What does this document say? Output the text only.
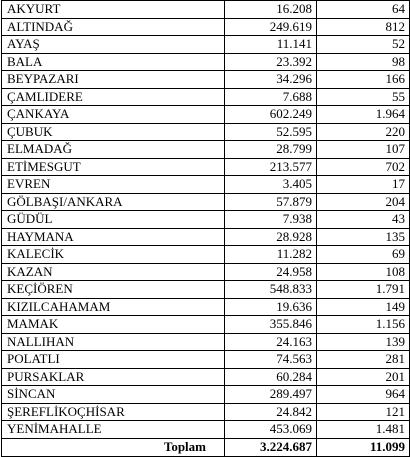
AKYURT	16.208	64
ALTINDAĞ	249.619	812
AYAŞ	11.141	52
BALA	23.392	98
BEYPAZARI	34.296	166
ÇAMLIDERE	7.688	55
ÇANKAYA	602.249	1.964
ÇUBUK	52.595	220
ELMADAĞ	28.799	107
ETİMESGUT	213.577	702
EVREN	3.405	17
GÖLBAŞI/ANKARA	57.879	204
GÜDÜL	7.938	43
HAYMANA	28.928	135
KALECİK	11.282	69
KAZAN	24.958	108
KEÇİÖREN	548.833	1.791
KIZILCAHAMAM	19.636	149
MAMAK	355.846	1.156
NALLIHAN	24.163	139
POLATLI	74.563	281
PURSAKLAR	60.284	201
SİNCAN	289.497	964
ŞEREFLİKOÇHİSAR	24.842	121
YENİMAHALLE	453.069	1.481
Toplam	3.224.687	11.099
